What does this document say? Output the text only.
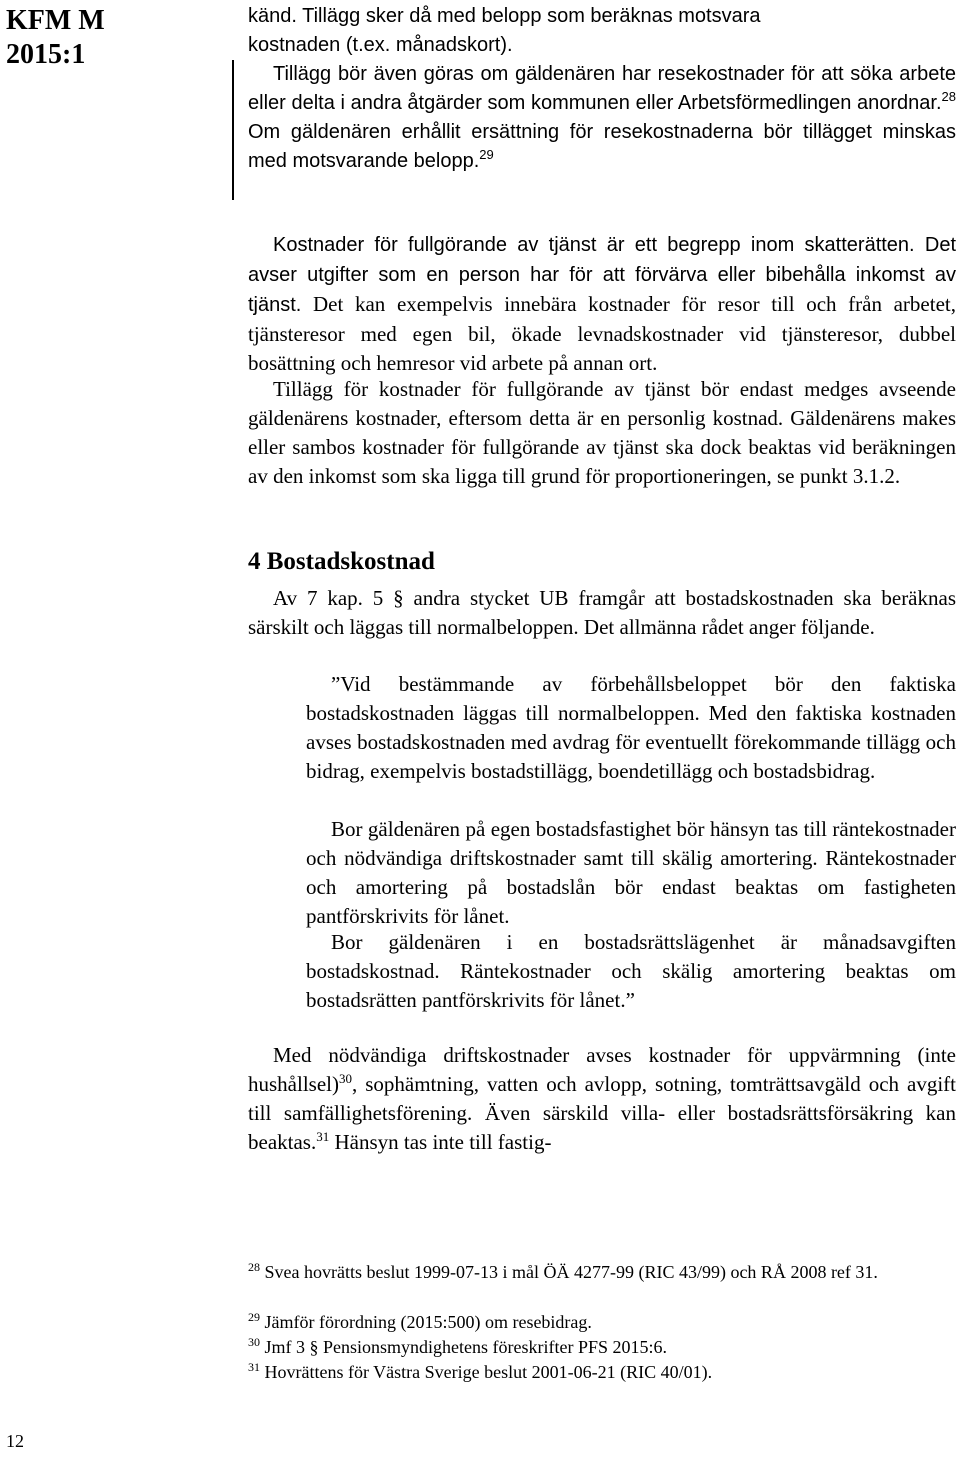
KFM M
2015:1
känd. Tillägg sker då med belopp som beräknas motsvara
kostnaden (t.ex. månadskort).

Tillägg bör även göras om gäldenären har resekostnader för att söka arbete eller delta i andra åtgärder som kommunen eller Arbetsförmedlingen anordnar.$^{28}$ Om gäldenären erhållit ersättning för resekostnaderna bör tillägget minskas med motsvarande belopp.$^{29}$

Kostnader för fullgörande av tjänst är ett begrepp inom skatterätten. Det avser utgifter som en person har för att förvärva eller bibehålla inkomst av tjänst. Det kan exempelvis innebära kostnader för resor till och från arbetet, tjänsteresor med egen bil, ökade levnadskostnader vid tjänsteresor, dubbel bosättning och hemresor vid arbete på annan ort.

Tillägg för kostnader för fullgörande av tjänst bör endast medges avseende gäldenärens kostnader, eftersom detta är en personlig kostnad. Gäldenärens makes eller sambos kostnader för fullgörande av tjänst ska dock beaktas vid beräkningen av den inkomst som ska ligga till grund för proportioneringen, se punkt 3.1.2.

4 Bostadskostnad

Av 7 kap. 5 § andra stycket UB framgår att bostadskostnaden ska beräknas särskilt och läggas till normalbeloppen. Det allmänna rådet anger följande.

”Vid bestämmande av förbehållsbeloppet bör den faktiska bostadskostnaden läggas till normalbeloppen. Med den faktiska kostnaden avses bostadskostnaden med avdrag för eventuellt förekommande tillägg och bidrag, exempelvis bostadstillägg, boendetillägg och bostadsbidrag.

Bor gäldenären på egen bostadsfastighet bör hänsyn tas till räntekostnader och nödvändiga driftskostnader samt till skälig amortering. Räntekostnader och amortering på bostadslån bör endast beaktas om fastigheten pantförskrivits för lånet.

Bor gäldenären i en bostadsrättslägenhet är månadsavgiften bostadskostnad. Räntekostnader och skälig amortering beaktas om bostadsrätten pantförskrivits för lånet.”

Med nödvändiga driftskostnader avses kostnader för uppvärmning (inte hushållsel)$^{30}$, sophämtning, vatten och avlopp, sotning, tomträttsavgäld och avgift till samfällighetsförening. Även särskild villa- eller bostadsrättsförsäkring kan beaktas.$^{31}$ Hänsyn tas inte till fastig-

$^{28}$ Svea hovrätts beslut 1999-07-13 i mål ÖÄ 4277-99 (RIC 43/99) och RÅ 2008 ref 31.

$^{29}$ Jämför förordning (2015:500) om resebidrag.

$^{30}$ Jmf 3 § Pensionsmyndighetens föreskrifter PFS 2015:6.

$^{31}$ Hovrättens för Västra Sverige beslut 2001-06-21 (RIC 40/01).

12
